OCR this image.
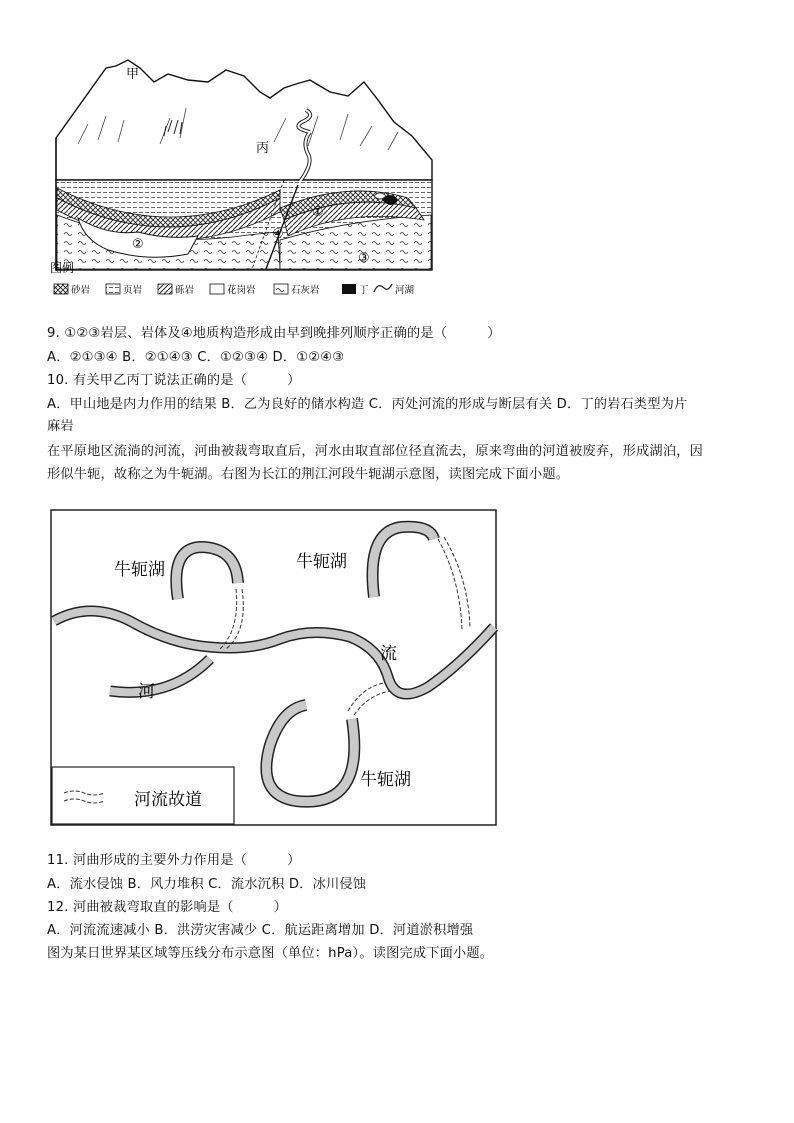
甲
丙
①
②
③
④
图例
砂岩	页岩	砾岩	花岗岩	石灰岩	丁	河湖
9. ①②③岩层、岩体及④地质构造形成由早到晚排列顺序正确的是（　　　）
A．②①③④ B．②①④③ C．①②③④ D．①②④③
10. 有关甲乙丙丁说法正确的是（　　　）
A．甲山地是内力作用的结果 B．乙为良好的储水构造 C．丙处河流的形成与断层有关 D．丁的岩石类型为片
麻岩
在平原地区流淌的河流，河曲被裁弯取直后，河水由取直部位径直流去，原来弯曲的河道被废弃，形成湖泊，因
形似牛轭，故称之为牛轭湖。右图为长江的荆江河段牛轭湖示意图，读图完成下面小题。
牛轭湖	牛轭湖
牛轭湖
河
流
河流故道
11. 河曲形成的主要外力作用是（　　　）
A．流水侵蚀 B．风力堆积 C．流水沉积 D．冰川侵蚀
12. 河曲被裁弯取直的影响是（　　　）
A．河流流速减小 B．洪涝灾害减少 C．航运距离增加 D．河道淤积增强
图为某日世界某区域等压线分布示意图（单位：hPa）。读图完成下面小题。
